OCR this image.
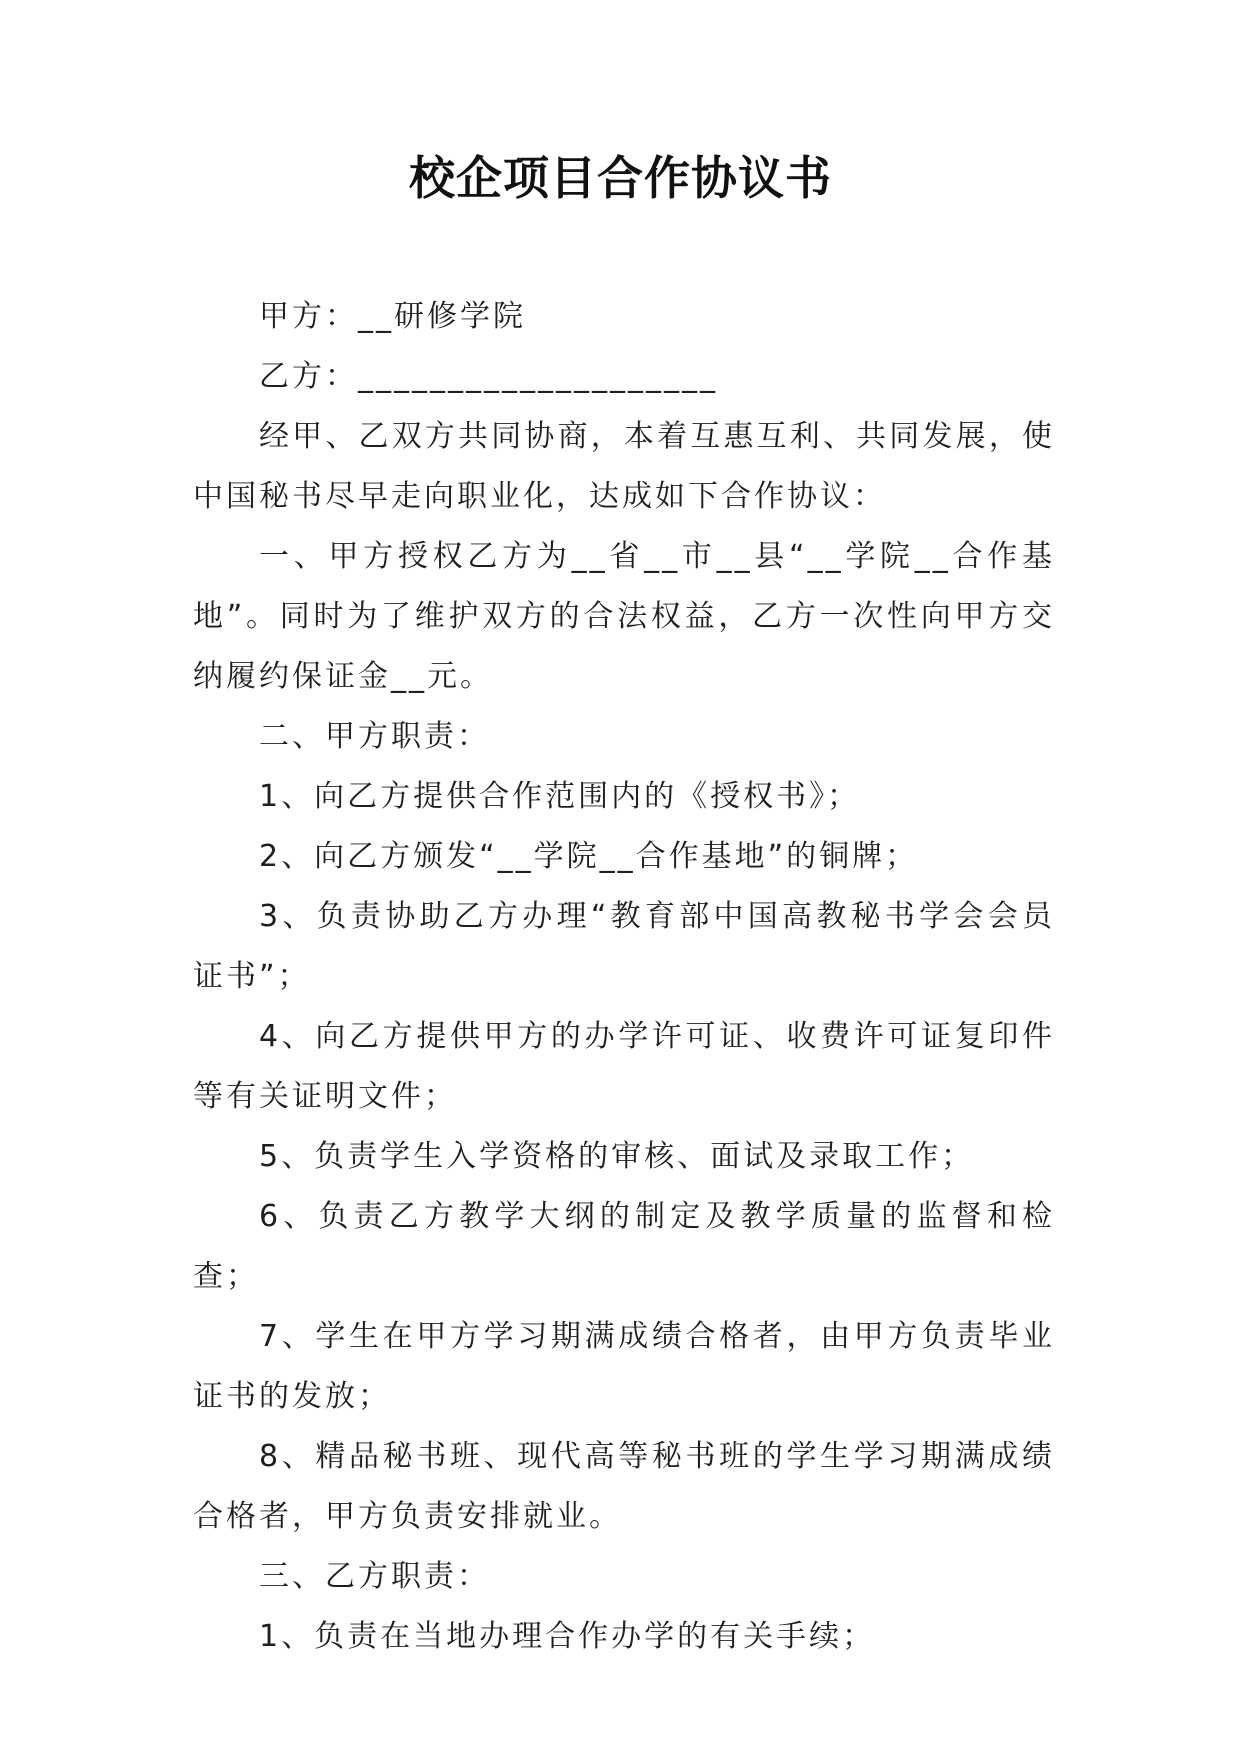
校企项目合作协议书

甲方：__研修学院

乙方：____________________

经甲、乙双方共同协商，本着互惠互利、共同发展，使中国秘书尽早走向职业化，达成如下合作协议：

一、甲方授权乙方为__省__市__县“__学院__合作基地”。同时为了维护双方的合法权益，乙方一次性向甲方交纳履约保证金__元。

二、甲方职责：

1、向乙方提供合作范围内的《授权书》；

2、向乙方颁发“__学院__合作基地”的铜牌；

3、负责协助乙方办理“教育部中国高教秘书学会会员证书”；

4、向乙方提供甲方的办学许可证、收费许可证复印件等有关证明文件；

5、负责学生入学资格的审核、面试及录取工作；

6、负责乙方教学大纲的制定及教学质量的监督和检查；

7、学生在甲方学习期满成绩合格者，由甲方负责毕业证书的发放；

8、精品秘书班、现代高等秘书班的学生学习期满成绩合格者，甲方负责安排就业。

三、乙方职责：

1、负责在当地办理合作办学的有关手续；
